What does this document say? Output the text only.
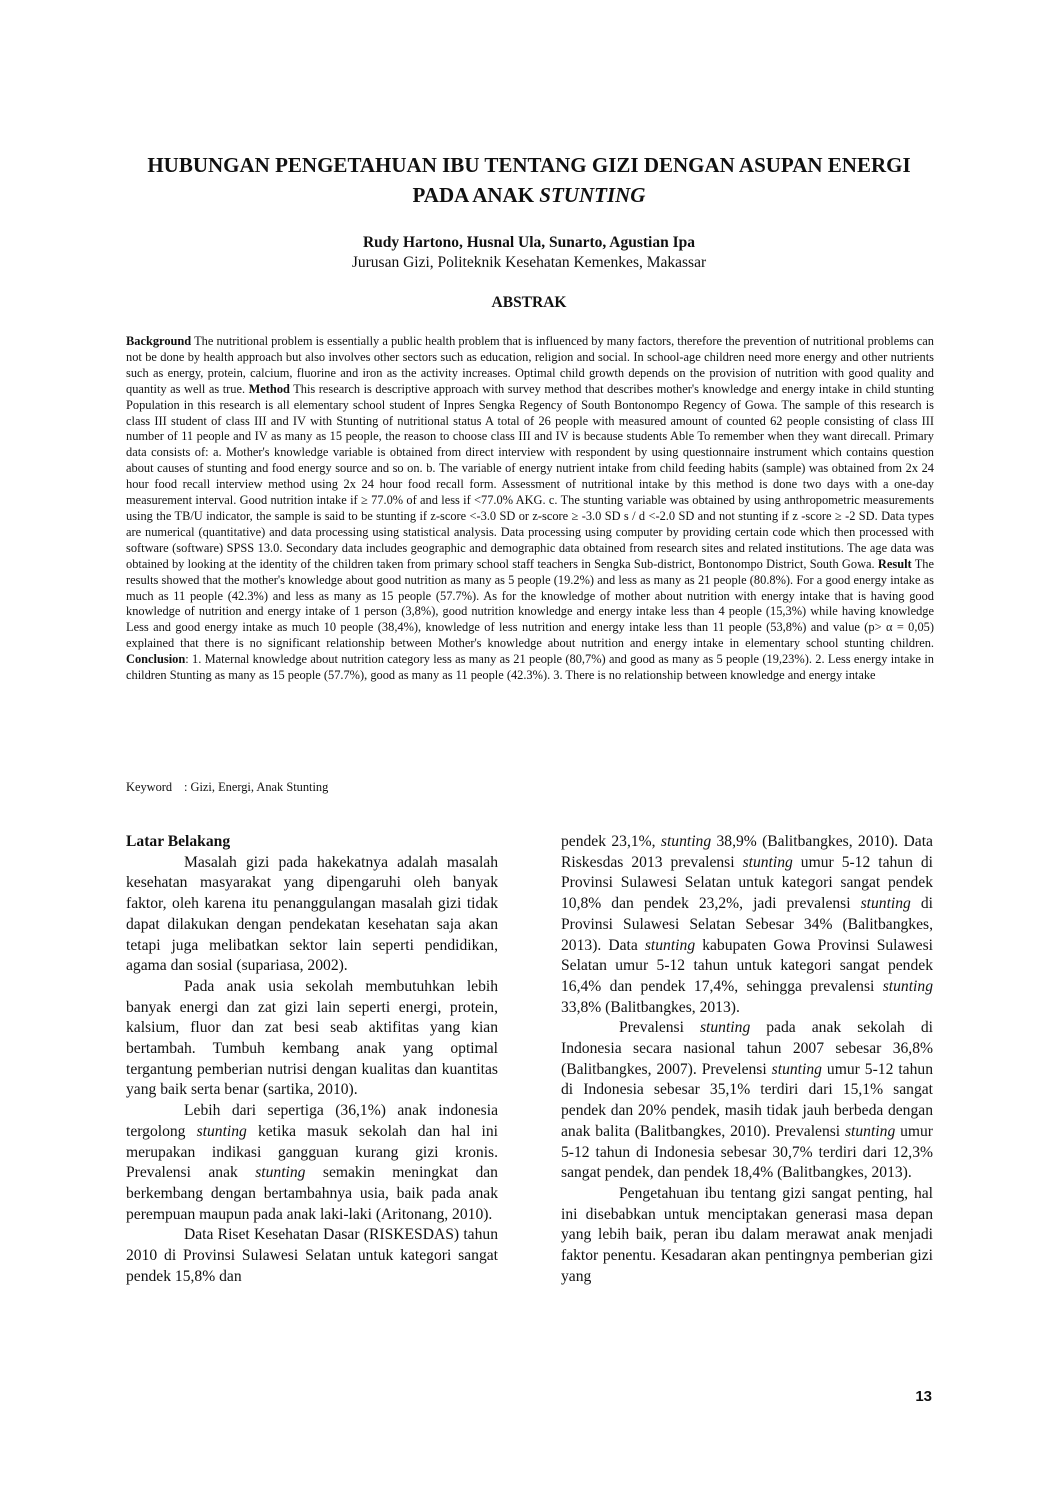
HUBUNGAN PENGETAHUAN IBU TENTANG GIZI DENGAN ASUPAN ENERGI
PADA ANAK STUNTING
Rudy Hartono, Husnal Ula, Sunarto, Agustian Ipa
Jurusan Gizi, Politeknik Kesehatan Kemenkes, Makassar
ABSTRAK
Background The nutritional problem is essentially a public health problem that is influenced by many factors, therefore the prevention of nutritional problems can not be done by health approach but also involves other sectors such as education, religion and social. In school-age children need more energy and other nutrients such as energy, protein, calcium, fluorine and iron as the activity increases. Optimal child growth depends on the provision of nutrition with good quality and quantity as well as true. Method This research is descriptive approach with survey method that describes mother's knowledge and energy intake in child stunting Population in this research is all elementary school student of Inpres Sengka Regency of South Bontonompo Regency of Gowa. The sample of this research is class III student of class III and IV with Stunting of nutritional status A total of 26 people with measured amount of counted 62 people consisting of class III number of 11 people and IV as many as 15 people, the reason to choose class III and IV is because students Able To remember when they want direcall. Primary data consists of: a. Mother's knowledge variable is obtained from direct interview with respondent by using questionnaire instrument which contains question about causes of stunting and food energy source and so on. b. The variable of energy nutrient intake from child feeding habits (sample) was obtained from 2x 24 hour food recall interview method using 2x 24 hour food recall form. Assessment of nutritional intake by this method is done two days with a one-day measurement interval. Good nutrition intake if ≥ 77.0% of and less if <77.0% AKG. c. The stunting variable was obtained by using anthropometric measurements using the TB/U indicator, the sample is said to be stunting if z-score <-3.0 SD or z-score ≥ -3.0 SD s / d <-2.0 SD and not stunting if z -score ≥ -2 SD. Data types are numerical (quantitative) and data processing using statistical analysis. Data processing using computer by providing certain code which then processed with software (software) SPSS 13.0. Secondary data includes geographic and demographic data obtained from research sites and related institutions. The age data was obtained by looking at the identity of the children taken from primary school staff teachers in Sengka Sub-district, Bontonompo District, South Gowa. Result The results showed that the mother's knowledge about good nutrition as many as 5 people (19.2%) and less as many as 21 people (80.8%). For a good energy intake as much as 11 people (42.3%) and less as many as 15 people (57.7%). As for the knowledge of mother about nutrition with energy intake that is having good knowledge of nutrition and energy intake of 1 person (3,8%), good nutrition knowledge and energy intake less than 4 people (15,3%) while having knowledge Less and good energy intake as much 10 people (38,4%), knowledge of less nutrition and energy intake less than 11 people (53,8%) and value (p> α = 0,05) explained that there is no significant relationship between Mother's knowledge about nutrition and energy intake in elementary school stunting children. Conclusion: 1. Maternal knowledge about nutrition category less as many as 21 people (80,7%) and good as many as 5 people (19,23%). 2. Less energy intake in children Stunting as many as 15 people (57.7%), good as many as 11 people (42.3%). 3. There is no relationship between knowledge and energy intake
Keyword : Gizi, Energi, Anak Stunting
Latar Belakang

Masalah gizi pada hakekatnya adalah masalah kesehatan masyarakat yang dipengaruhi oleh banyak faktor, oleh karena itu penanggulangan masalah gizi tidak dapat dilakukan dengan pendekatan kesehatan saja akan tetapi juga melibatkan sektor lain seperti pendidikan, agama dan sosial (supariasa, 2002).

Pada anak usia sekolah membutuhkan lebih banyak energi dan zat gizi lain seperti energi, protein, kalsium, fluor dan zat besi seab aktifitas yang kian bertambah. Tumbuh kembang anak yang optimal tergantung pemberian nutrisi dengan kualitas dan kuantitas yang baik serta benar (sartika, 2010).

Lebih dari sepertiga (36,1%) anak indonesia tergolong stunting ketika masuk sekolah dan hal ini merupakan indikasi gangguan kurang gizi kronis. Prevalensi anak stunting semakin meningkat dan berkembang dengan bertambahnya usia, baik pada anak perempuan maupun pada anak laki-laki (Aritonang, 2010).

Data Riset Kesehatan Dasar (RISKESDAS) tahun 2010 di Provinsi Sulawesi Selatan untuk kategori sangat pendek 15,8% dan

pendek 23,1%, stunting 38,9% (Balitbangkes, 2010). Data Riskesdas 2013 prevalensi stunting umur 5-12 tahun di Provinsi Sulawesi Selatan untuk kategori sangat pendek 10,8% dan pendek 23,2%, jadi prevalensi stunting di Provinsi Sulawesi Selatan Sebesar 34% (Balitbangkes, 2013). Data stunting kabupaten Gowa Provinsi Sulawesi Selatan umur 5-12 tahun untuk kategori sangat pendek 16,4% dan pendek 17,4%, sehingga prevalensi stunting 33,8% (Balitbangkes, 2013).

Prevalensi stunting pada anak sekolah di Indonesia secara nasional tahun 2007 sebesar 36,8% (Balitbangkes, 2007). Prevelensi stunting umur 5-12 tahun di Indonesia sebesar 35,1% terdiri dari 15,1% sangat pendek dan 20% pendek, masih tidak jauh berbeda dengan anak balita (Balitbangkes, 2010). Prevalensi stunting umur 5-12 tahun di Indonesia sebesar 30,7% terdiri dari 12,3% sangat pendek, dan pendek 18,4% (Balitbangkes, 2013).

Pengetahuan ibu tentang gizi sangat penting, hal ini disebabkan untuk menciptakan generasi masa depan yang lebih baik, peran ibu dalam merawat anak menjadi faktor penentu. Kesadaran akan pentingnya pemberian gizi yang

13
